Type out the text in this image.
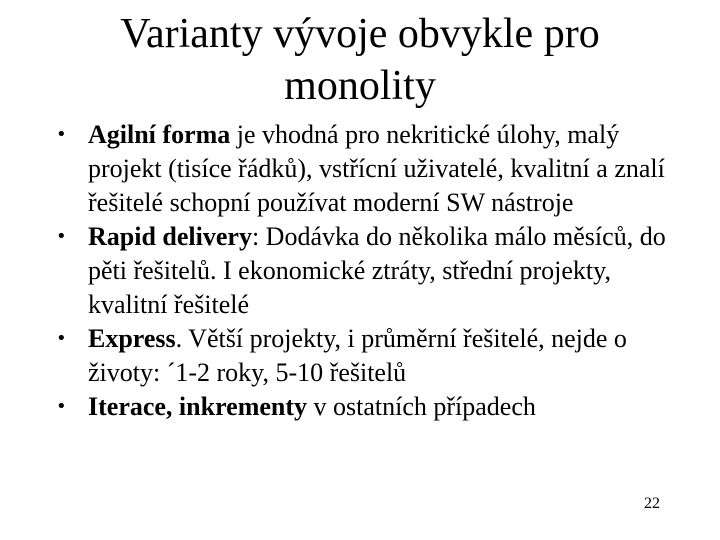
Varianty vývoje obvykle pro
monolity
• Agilní forma je vhodná pro nekritické úlohy, malý projekt (tisíce řádků), vstřícní uživatelé, kvalitní a znalí řešitelé schopní používat moderní SW nástroje
• Rapid delivery: Dodávka do několika málo měsíců, do pěti řešitelů. I ekonomické ztráty, střední projekty, kvalitní řešitelé
• Express. Větší projekty, i průměrní řešitelé, nejde o životy: ´1-2 roky, 5-10 řešitelů
• Iterace, inkrementy v ostatních případech
22
